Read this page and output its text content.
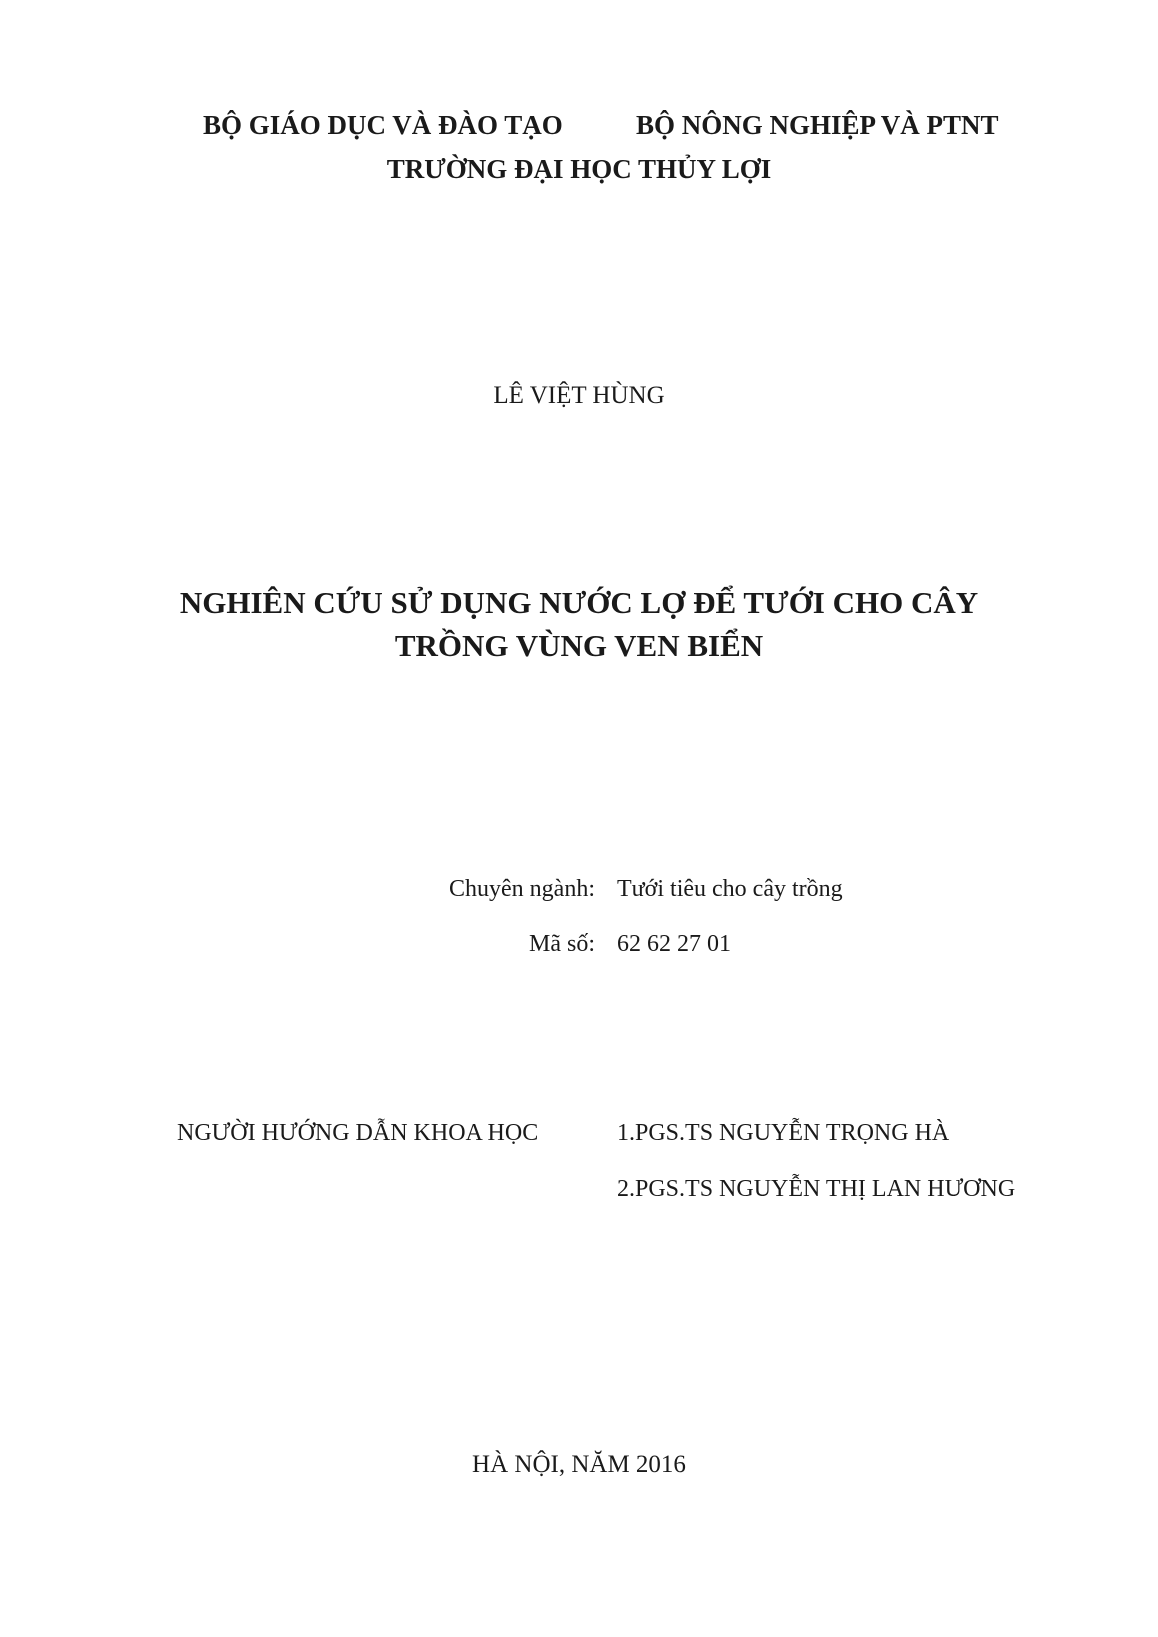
BỘ GIÁO DỤC VÀ ĐÀO TẠO	BỘ NÔNG NGHIỆP VÀ PTNT
TRƯỜNG ĐẠI HỌC THỦY LỢI
LÊ VIỆT HÙNG
NGHIÊN CỨU SỬ DỤNG NƯỚC LỢ ĐỂ TƯỚI CHO CÂY
TRỒNG VÙNG VEN BIỂN
Chuyên ngành: Tưới tiêu cho cây trồng
Mã số: 62 62 27 01
NGƯỜI HƯỚNG DẪN KHOA HỌC	1.PGS.TS NGUYỄN TRỌNG HÀ
2.PGS.TS NGUYỄN THỊ LAN HƯƠNG
HÀ NỘI, NĂM 2016
